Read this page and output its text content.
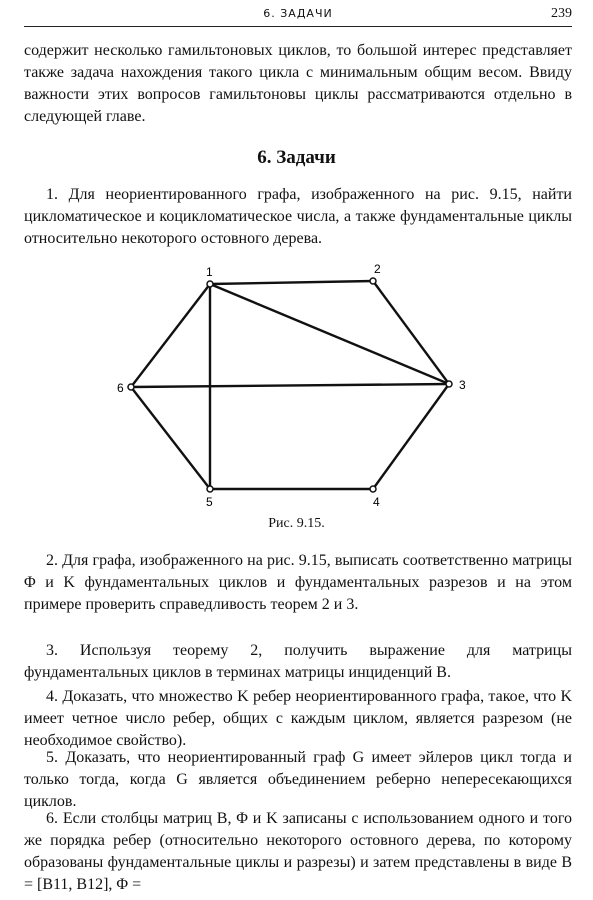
6. ЗАДАЧИ	239
содержит несколько гамильтоновых циклов, то большой интерес представляет также задача нахождения такого цикла с минимальным общим весом. Ввиду важности этих вопросов гамильтоновы циклы рассматриваются отдельно в следующей главе.
6. Задачи
1. Для неориентированного графа, изображенного на рис. 9.15, найти цикломатическое и коцикломатическое числа, а также фундаментальные циклы относительно некоторого остовного дерева.
1	2
3
4
5
6
Рис. 9.15.
2. Для графа, изображенного на рис. 9.15, выписать соответственно матрицы Φ и K фундаментальных циклов и фундаментальных разрезов и на этом примере проверить справедливость теорем 2 и 3.
3. Используя теорему 2, получить выражение для матрицы фундаментальных циклов в терминах матрицы инциденций B.
4. Доказать, что множество K ребер неориентированного графа, такое, что K имеет четное число ребер, общих с каждым циклом, является разрезом (не необходимое свойство).
5. Доказать, что неориентированный граф G имеет эйлеров цикл тогда и только тогда, когда G является объединением реберно непересекающихся циклов.
6. Если столбцы матриц B, Φ и K записаны с использованием одного и того же порядка ребер (относительно некоторого остовного дерева, по которому образованы фундаментальные циклы и разрезы) и затем представлены в виде B = [B11, B12], Φ =
